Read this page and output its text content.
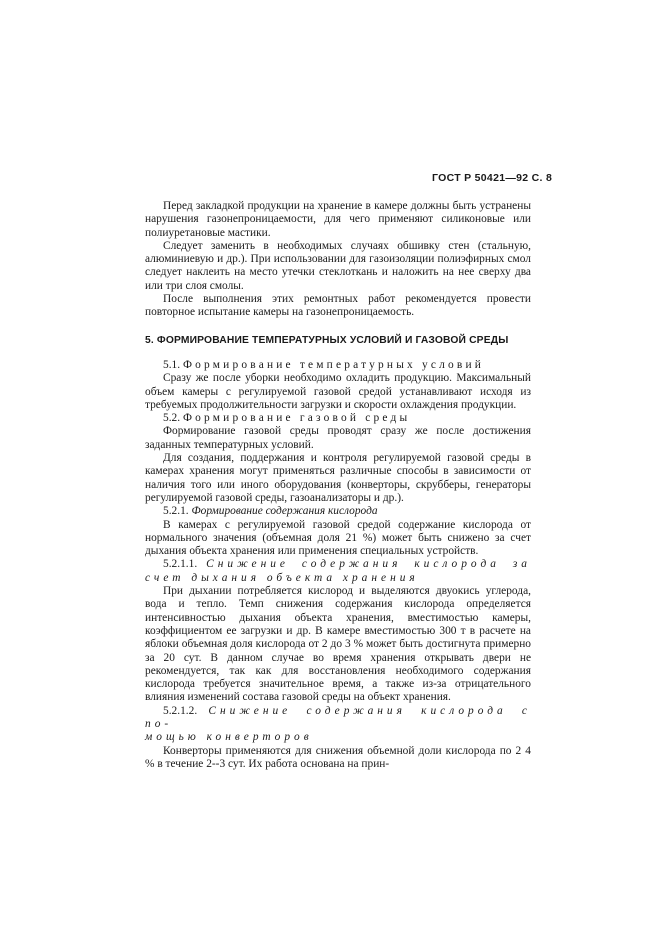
ГОСТ Р 50421—92 С. 8

Перед закладкой продукции на хранение в камере должны быть устранены нарушения газонепроницаемости, для чего применяют силиконовые или полиуретановые мастики.

Следует заменить в необходимых случаях обшивку стен (стальную, алюминиевую и др.). При использовании для газоизоляции полиэфирных смол следует наклеить на место утечки стеклоткань и наложить на нее сверху два или три слоя смолы.

После выполнения этих ремонтных работ рекомендуется провести повторное испытание камеры на газонепроницаемость.

5. ФОРМИРОВАНИЕ ТЕМПЕРАТУРНЫХ УСЛОВИЙ И ГАЗОВОЙ СРЕДЫ
5.1. Формирование температурных условий

Сразу же после уборки необходимо охладить продукцию. Максимальный объем камеры с регулируемой газовой средой устанавливают исходя из требуемых продолжительности загрузки и скорости охлаждения продукции.

5.2. Формирование газовой среды

Формирование газовой среды проводят сразу же после достижения заданных температурных условий.

Для создания, поддержания и контроля регулируемой газовой среды в камерах хранения могут применяться различные способы в зависимости от наличия того или иного оборудования (конверторы, скрубберы, генераторы регулируемой газовой среды, газоанализаторы и др.).

5.2.1. Формирование содержания кислорода

В камерах с регулируемой газовой средой содержание кислорода от нормального значения (объемная доля 21 %) может быть снижено за счет дыхания объекта хранения или применения специальных устройств.

5.2.1.1. Снижение содержания кислорода за
счет дыхания объекта хранения

При дыхании потребляется кислород и выделяются двуокись углерода, вода и тепло. Темп снижения содержания кислорода определяется интенсивностью дыхания объекта хранения, вместимостью камеры, коэффициентом ее загрузки и др. В камере вместимостью 300 т в расчете на яблоки объемная доля кислорода от 2 до 3 % может быть достигнута примерно за 20 сут. В данном случае во время хранения открывать двери не рекомендуется, так как для восстановления необходимого содержания кислорода требуется значительное время, а также из-за отрицательного влияния изменений состава газовой среды на объект хранения.

5.2.1.2. Снижение содержания кислорода с по-
мощью конверторов

Конверторы применяются для снижения объемной доли кислорода по 2 4 % в течение 2‑‑3 сут. Их работа основана на прин-
